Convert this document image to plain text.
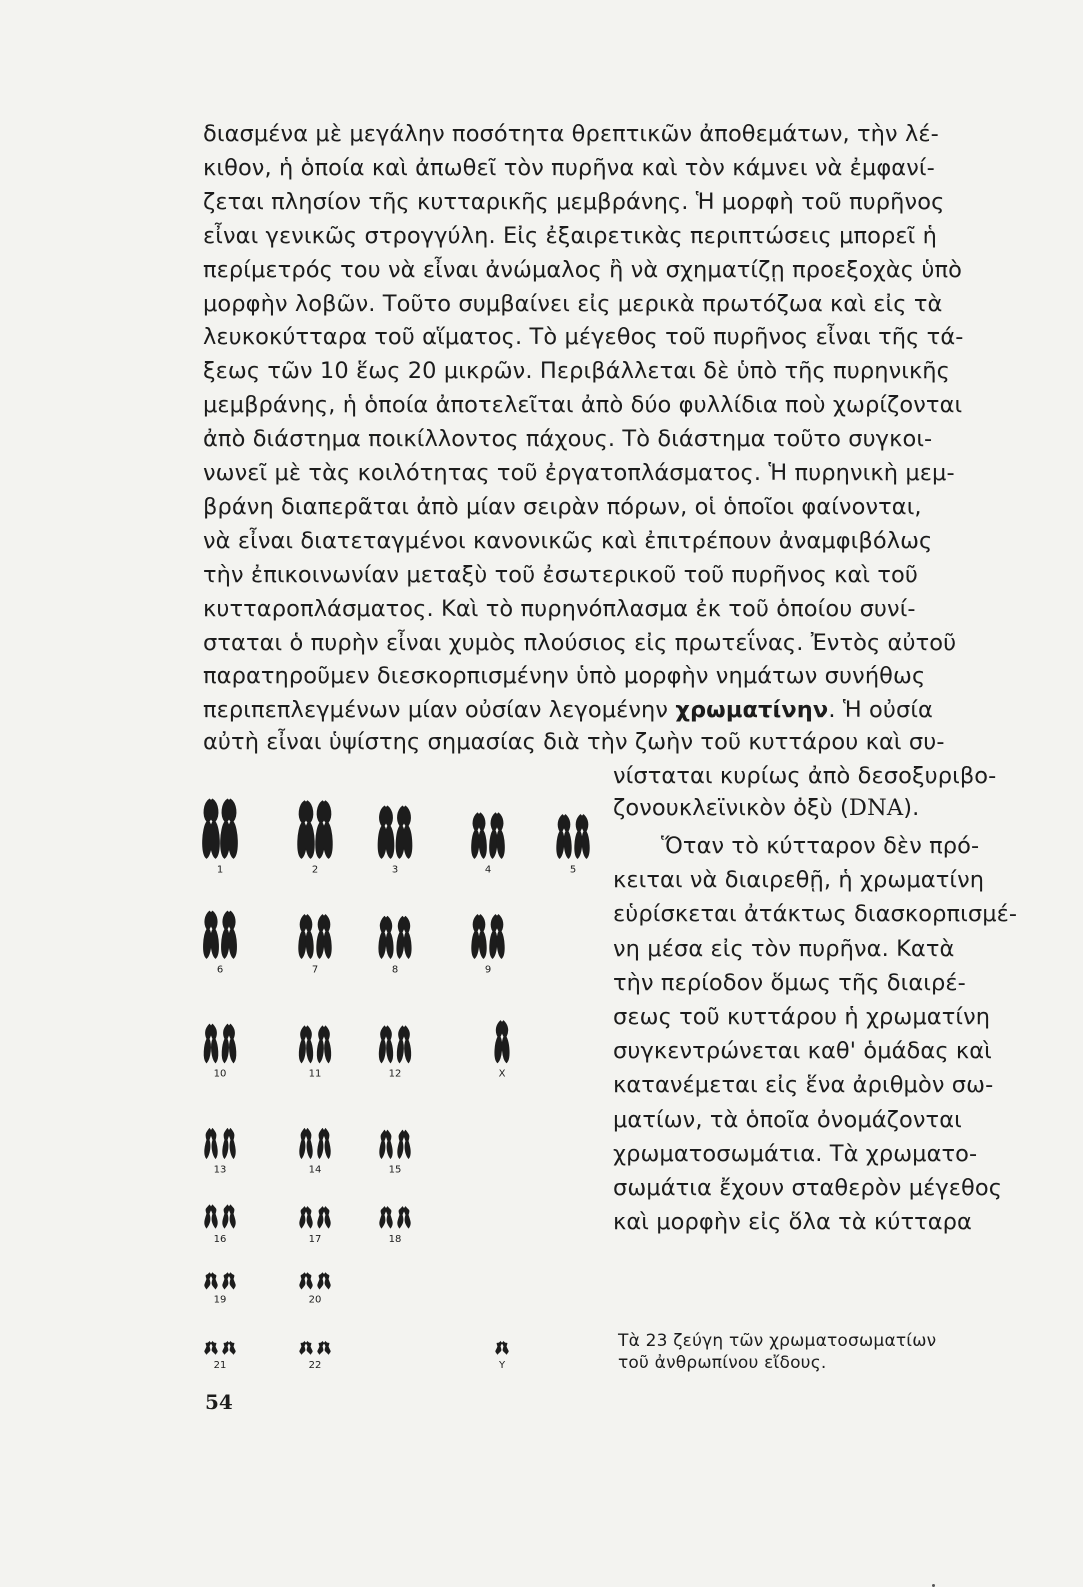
διασμένα μὲ μεγάλην ποσότητα θρεπτικῶν ἀποθεμάτων, τὴν λέ-
κιθον, ἡ ὁποία καὶ ἀπωθεῖ τὸν πυρῆνα καὶ τὸν κάμνει νὰ ἐμφανί-
ζεται πλησίον τῆς κυτταρικῆς μεμβράνης. Ἡ μορφὴ τοῦ πυρῆνος
εἶναι γενικῶς στρογγύλη. Εἰς ἐξαιρετικὰς περιπτώσεις μπορεῖ ἡ
περίμετρός του νὰ εἶναι ἀνώμαλος ἢ νὰ σχηματίζῃ προεξοχὰς ὑπὸ
μορφὴν λοβῶν. Τοῦτο συμβαίνει εἰς μερικὰ πρωτόζωα καὶ εἰς τὰ
λευκοκύτταρα τοῦ αἵματος. Τὸ μέγεθος τοῦ πυρῆνος εἶναι τῆς τά-
ξεως τῶν 10 ἕως 20 μικρῶν. Περιβάλλεται δὲ ὑπὸ τῆς πυρηνικῆς
μεμβράνης, ἡ ὁποία ἀποτελεῖται ἀπὸ δύο φυλλίδια ποὺ χωρίζονται
ἀπὸ διάστημα ποικίλλοντος πάχους. Τὸ διάστημα τοῦτο συγκοι-
νωνεῖ μὲ τὰς κοιλότητας τοῦ ἐργατοπλάσματος. Ἡ πυρηνικὴ μεμ-
βράνη διαπερᾶται ἀπὸ μίαν σειρὰν πόρων, οἱ ὁποῖοι φαίνονται,
νὰ εἶναι διατεταγμένοι κανονικῶς καὶ ἐπιτρέπουν ἀναμφιβόλως
τὴν ἐπικοινωνίαν μεταξὺ τοῦ ἐσωτερικοῦ τοῦ πυρῆνος καὶ τοῦ
κυτταροπλάσματος. Καὶ τὸ πυρηνόπλασμα ἐκ τοῦ ὁποίου συνί-
σταται ὁ πυρὴν εἶναι χυμὸς πλούσιος εἰς πρωτεΐνας. Ἐντὸς αὐτοῦ
παρατηροῦμεν διεσκορπισμένην ὑπὸ μορφὴν νημάτων συνήθως
περιπεπλεγμένων μίαν οὐσίαν λεγομένην χρωματίνην. Ἡ οὐσία
αὐτὴ εἶναι ὑψίστης σημασίας διὰ τὴν ζωὴν τοῦ κυττάρου καὶ συ-
νίσταται κυρίως ἀπὸ δεσοξυριβο-
ζονουκλεϊνικὸν ὀξὺ (DNA).
Ὅταν τὸ κύτταρον δὲν πρό-
κειται νὰ διαιρεθῇ, ἡ χρωματίνη
εὑρίσκεται ἀτάκτως διασκορπισμέ-
νη μέσα εἰς τὸν πυρῆνα. Κατὰ
τὴν περίοδον ὅμως τῆς διαιρέ-
σεως τοῦ κυττάρου ἡ χρωματίνη
συγκεντρώνεται καθ' ὁμάδας καὶ
κατανέμεται εἰς ἕνα ἀριθμὸν σω-
ματίων, τὰ ὁποῖα ὀνομάζονται
χρωματοσωμάτια. Τὰ χρωματο-
σωμάτια ἔχουν σταθερὸν μέγεθος
καὶ μορφὴν εἰς ὅλα τὰ κύτταρα
1	2	3	4	5
6	7	8	9
10	11	12	X
13	14	15
16	17	18
19	20
21	22	Y
Τὰ 23 ζεύγη τῶν χρωματοσωματίων
τοῦ ἀνθρωπίνου εἴδους.
54
